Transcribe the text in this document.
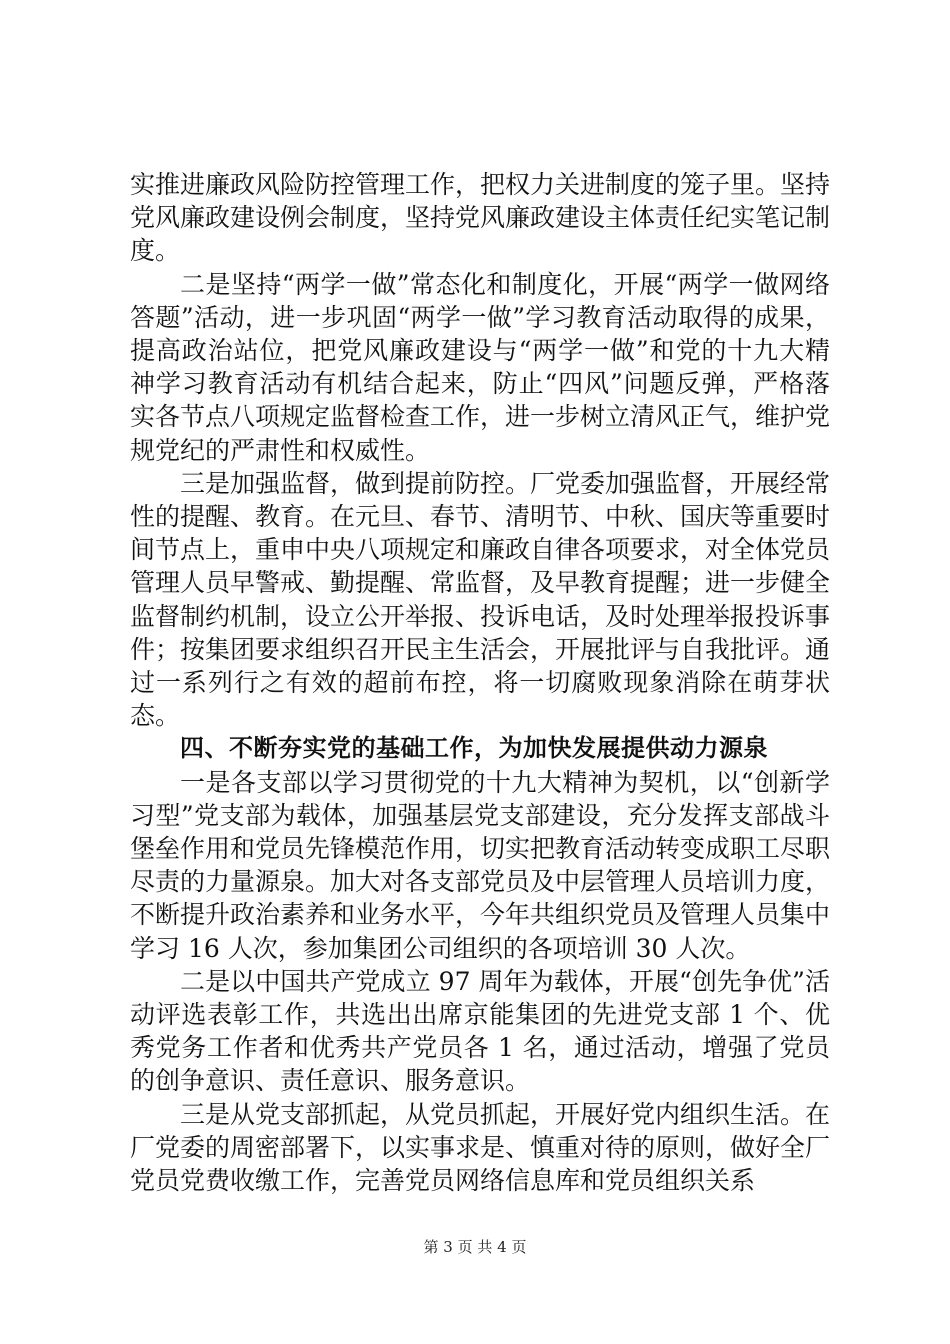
实推进廉政风险防控管理工作，把权力关进制度的笼子里。坚持党风廉政建设例会制度，坚持党风廉政建设主体责任纪实笔记制度。

二是坚持“两学一做”常态化和制度化，开展“两学一做网络答题”活动，进一步巩固“两学一做”学习教育活动取得的成果，提高政治站位，把党风廉政建设与“两学一做”和党的十九大精神学习教育活动有机结合起来，防止“四风”问题反弹，严格落实各节点八项规定监督检查工作，进一步树立清风正气，维护党规党纪的严肃性和权威性。

三是加强监督，做到提前防控。厂党委加强监督，开展经常性的提醒、教育。在元旦、春节、清明节、中秋、国庆等重要时间节点上，重申中央八项规定和廉政自律各项要求，对全体党员管理人员早警戒、勤提醒、常监督，及早教育提醒；进一步健全监督制约机制，设立公开举报、投诉电话，及时处理举报投诉事件；按集团要求组织召开民主生活会，开展批评与自我批评。通过一系列行之有效的超前布控，将一切腐败现象消除在萌芽状态。

四、不断夯实党的基础工作，为加快发展提供动力源泉

一是各支部以学习贯彻党的十九大精神为契机，以“创新学习型”党支部为载体，加强基层党支部建设，充分发挥支部战斗堡垒作用和党员先锋模范作用，切实把教育活动转变成职工尽职尽责的力量源泉。加大对各支部党员及中层管理人员培训力度，不断提升政治素养和业务水平，今年共组织党员及管理人员集中学习 16 人次，参加集团公司组织的各项培训 30 人次。

二是以中国共产党成立 97 周年为载体，开展“创先争优”活动评选表彰工作，共选出出席京能集团的先进党支部 1 个、优秀党务工作者和优秀共产党员各 1 名，通过活动，增强了党员的创争意识、责任意识、服务意识。

三是从党支部抓起，从党员抓起，开展好党内组织生活。在厂党委的周密部署下，以实事求是、慎重对待的原则，做好全厂党员党费收缴工作，完善党员网络信息库和党员组织关系

第 3 页 共 4 页
